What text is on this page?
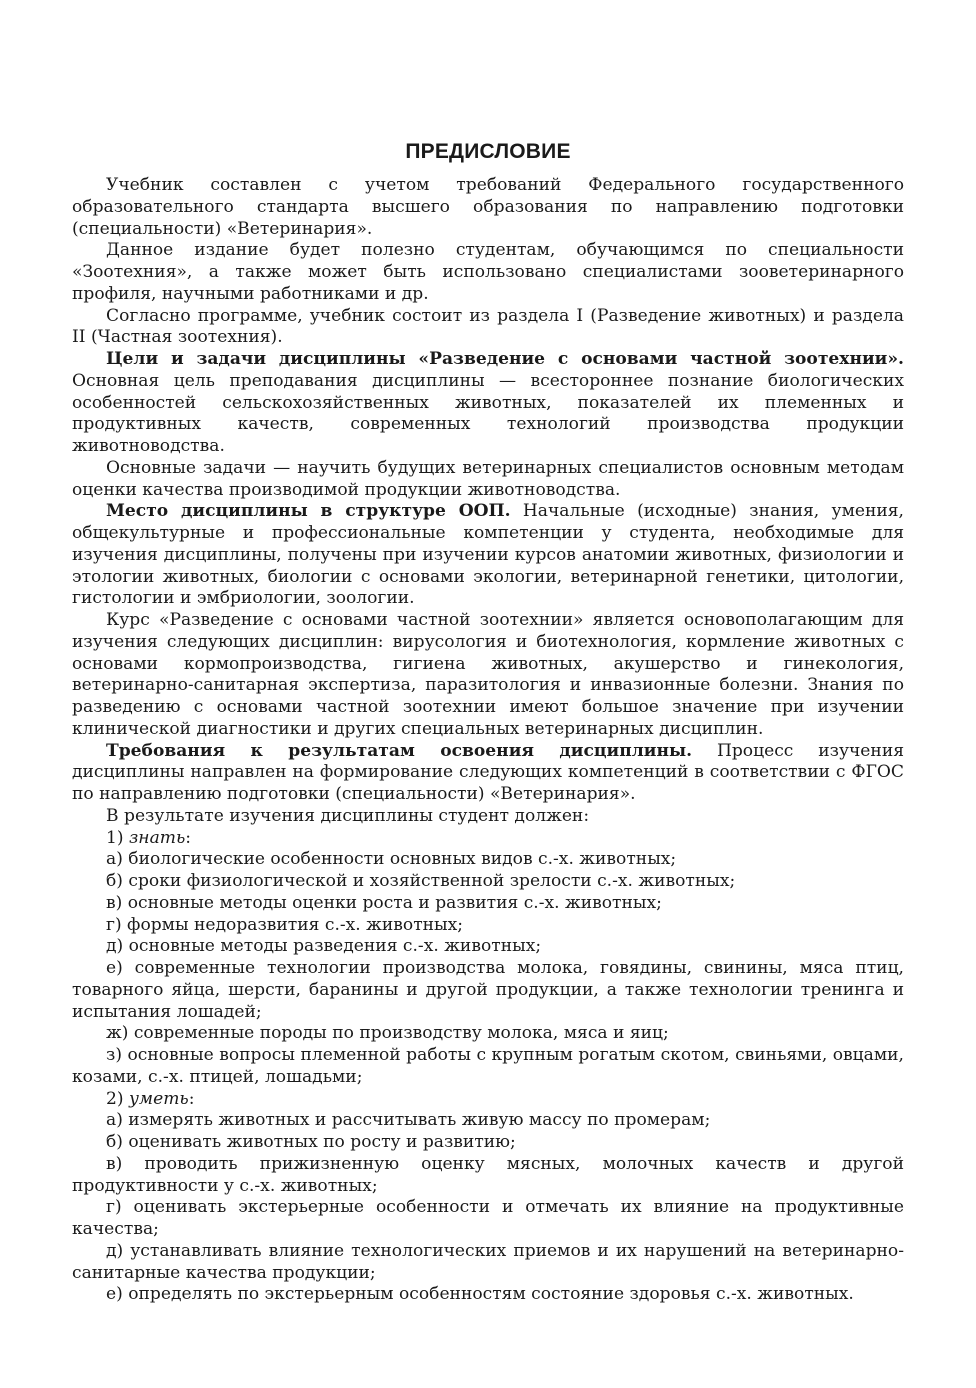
ПРЕДИСЛОВИЕ

Учебник составлен с учетом требований Федерального государственного образовательного стандарта высшего образования по направлению подготовки (специальности) «Ветеринария».

Данное издание будет полезно студентам, обучающимся по специальности «Зоотехния», а также может быть использовано специалистами зооветеринарного профиля, научными работниками и др.

Согласно программе, учебник состоит из раздела I (Разведение животных) и раздела II (Частная зоотехния).

Цели и задачи дисциплины «Разведение с основами частной зоотехнии». Основная цель преподавания дисциплины — всестороннее познание биологических особенностей сельскохозяйственных животных, показателей их племенных и продуктивных качеств, современных технологий производства продукции животноводства.

Основные задачи — научить будущих ветеринарных специалистов основным методам оценки качества производимой продукции животноводства.

Место дисциплины в структуре ООП. Начальные (исходные) знания, умения, общекультурные и профессиональные компетенции у студента, необходимые для изучения дисциплины, получены при изучении курсов анатомии животных, физиологии и этологии животных, биологии с основами экологии, ветеринарной генетики, цитологии, гистологии и эмбриологии, зоологии.

Курс «Разведение с основами частной зоотехнии» является основополагающим для изучения следующих дисциплин: вирусология и биотехнология, кормление животных с основами кормопроизводства, гигиена животных, акушерство и гинекология, ветеринарно-санитарная экспертиза, паразитология и инвазионные болезни. Знания по разведению с основами частной зоотехнии имеют большое значение при изучении клинической диагностики и других специальных ветеринарных дисциплин.

Требования к результатам освоения дисциплины. Процесс изучения дисциплины направлен на формирование следующих компетенций в соответствии с ФГОС по направлению подготовки (специальности) «Ветеринария».

В результате изучения дисциплины студент должен:

1) знать:

а) биологические особенности основных видов с.-х. животных;

б) сроки физиологической и хозяйственной зрелости с.-х. животных;

в) основные методы оценки роста и развития с.-х. животных;

г) формы недоразвития с.-х. животных;

д) основные методы разведения с.-х. животных;

е) современные технологии производства молока, говядины, свинины, мяса птиц, товарного яйца, шерсти, баранины и другой продукции, а также технологии тренинга и испытания лошадей;

ж) современные породы по производству молока, мяса и яиц;

з) основные вопросы племенной работы с крупным рогатым скотом, свиньями, овцами, козами, с.-х. птицей, лошадьми;

2) уметь:

а) измерять животных и рассчитывать живую массу по промерам;

б) оценивать животных по росту и развитию;

в) проводить прижизненную оценку мясных, молочных качеств и другой продуктивности у с.-х. животных;

г) оценивать экстерьерные особенности и отмечать их влияние на продуктивные качества;

д) устанавливать влияние технологических приемов и их нарушений на ветеринарно-санитарные качества продукции;

е) определять по экстерьерным особенностям состояние здоровья с.-х. животных.
